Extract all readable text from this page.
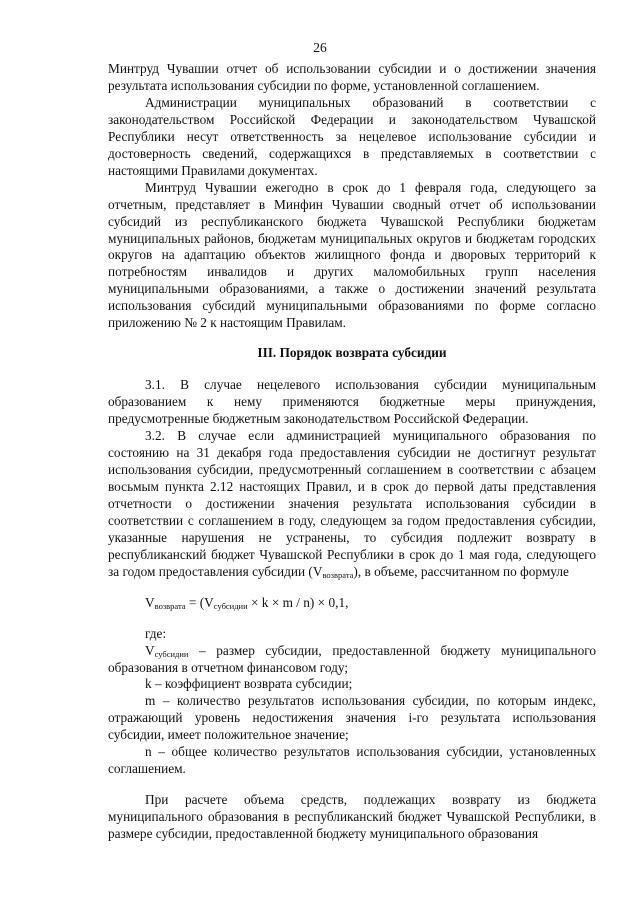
26

Минтруд Чувашии отчет об использовании субсидии и о достижении значения результата использования субсидии по форме, установленной соглашением.

Администрации муниципальных образований в соответствии с законодательством Российской Федерации и законодательством Чувашской Республики несут ответственность за нецелевое использование субсидии и достоверность сведений, содержащихся в представляемых в соответствии с настоящими Правилами документах.

Минтруд Чувашии ежегодно в срок до 1 февраля года, следующего за отчетным, представляет в Минфин Чувашии сводный отчет об использовании субсидий из республиканского бюджета Чувашской Республики бюджетам муниципальных районов, бюджетам муниципальных округов и бюджетам городских округов на адаптацию объектов жилищного фонда и дворовых территорий к потребностям инвалидов и других маломобильных групп населения муниципальными образованиями, а также о достижении значений результата использования субсидий муниципальными образованиями по форме согласно приложению № 2 к настоящим Правилам.

III. Порядок возврата субсидии

3.1. В случае нецелевого использования субсидии муниципальным образованием к нему применяются бюджетные меры принуждения, предусмотренные бюджетным законодательством Российской Федерации.

3.2. В случае если администрацией муниципального образования по состоянию на 31 декабря года предоставления субсидии не достигнут результат использования субсидии, предусмотренный соглашением в соответствии с абзацем восьмым пункта 2.12 настоящих Правил, и в срок до первой даты представления отчетности о достижении значения результата использования субсидии в соответствии с соглашением в году, следующем за годом предоставления субсидии, указанные нарушения не устранены, то субсидия подлежит возврату в республиканский бюджет Чувашской Республики в срок до 1 мая года, следующего за годом предоставления субсидии $(V_{возврата})$, в объеме, рассчитанном по формуле

$V_{возврата} = (V_{субсидии} \times k \times m / n) \times 0,1$,

где:

$V_{субсидии}$ – размер субсидии, предоставленной бюджету муниципального образования в отчетном финансовом году;

k – коэффициент возврата субсидии;

m – количество результатов использования субсидии, по которым индекс, отражающий уровень недостижения значения i-го результата использования субсидии, имеет положительное значение;

n – общее количество результатов использования субсидии, установленных соглашением.

При расчете объема средств, подлежащих возврату из бюджета муниципального образования в республиканский бюджет Чувашской Республики, в размере субсидии, предоставленной бюджету муниципального образования
